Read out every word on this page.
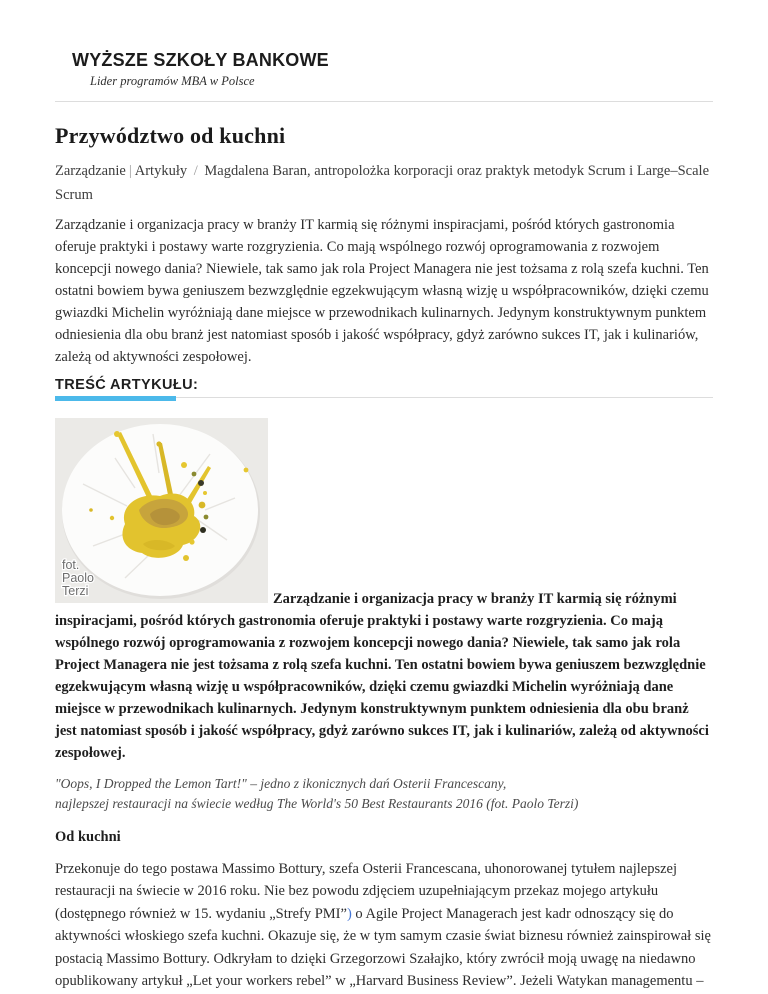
WYŻSZE SZKOŁY BANKOWE
Lider programów MBA w Polsce
Przywództwo od kuchni
Zarządzanie | Artykuły / Magdalena Baran, antropolożka korporacji oraz praktyk metodyk Scrum i Large–Scale Scrum

Zarządzanie i organizacja pracy w branży IT karmią się różnymi inspiracjami, pośród których gastronomia oferuje praktyki i postawy warte rozgryzienia. Co mają wspólnego rozwój oprogramowania z rozwojem koncepcji nowego dania? Niewiele, tak samo jak rola Project Managera nie jest tożsama z rolą szefa kuchni. Ten ostatni bowiem bywa geniuszem bezwzględnie egzekwującym własną wizję u współpracowników, dzięki czemu gwiazdki Michelin wyróżniają dane miejsce w przewodnikach kulinarnych. Jedynym konstruktywnym punktem odniesienia dla obu branż jest natomiast sposób i jakość współpracy, gdyż zarówno sukces IT, jak i kulinariów, zależą od aktywności zespołowej.

TREŚĆ ARTYKUŁU:

fot.
Paolo
Terzi	Zarządzanie i organizacja pracy w branży IT karmią się różnymi inspiracjami, pośród których gastronomia oferuje praktyki i postawy warte rozgryzienia. Co mają wspólnego rozwój oprogramowania z rozwojem koncepcji nowego dania? Niewiele, tak samo jak rola Project Managera nie jest tożsama z rolą szefa kuchni. Ten ostatni bowiem bywa geniuszem bezwzględnie egzekwującym własną wizję u współpracowników, dzięki czemu gwiazdki Michelin wyróżniają dane miejsce w przewodnikach kulinarnych. Jedynym konstruktywnym punktem odniesienia dla obu branż jest natomiast sposób i jakość współpracy, gdyż zarówno sukces IT, jak i kulinariów, zależą od aktywności zespołowej.

"Oops, I Dropped the Lemon Tart!" – jedno z ikonicznych dań Osterii Francescany,
najlepszej restauracji na świecie według The World's 50 Best Restaurants 2016 (fot. Paolo Terzi)

Od kuchni

Przekonuje do tego postawa Massimo Bottury, szefa Osterii Francescana, uhonorowanej tytułem najlepszej restauracji na świecie w 2016 roku. Nie bez powodu zdjęciem uzupełniającym przekaz mojego artykułu (dostępnego również w 15. wydaniu „Strefy PMI”) o Agile Project Managerach jest kadr odnoszący się do aktywności włoskiego szefa kuchni. Okazuje się, że w tym samym czasie świat biznesu również zainspirował się postacią Massimo Bottury. Odkryłam to dzięki Grzegorzowi Szałajko, który zwrócił moją uwagę na niedawno opublikowany artykuł „Let your workers rebel” w „Harvard Business Review”. Jeżeli Watykan managementu –
